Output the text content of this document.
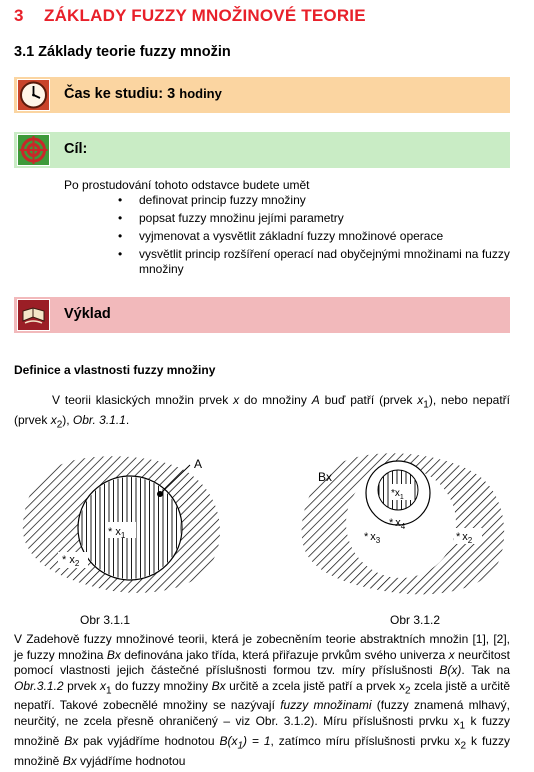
3 ZÁKLADY FUZZY MNOŽINOVÉ TEORIE
3.1 Základy teorie fuzzy množin
Čas ke studiu: 3 hodiny
Cíl:
Po prostudování tohoto odstavce budete umět
• definovat princip fuzzy množiny
• popsat fuzzy množinu jejími parametry
• vyjmenovat a vysvětlit základní fuzzy množinové operace
• vysvětlit princip rozšíření operací nad obyčejnými množinami na fuzzy množiny
Výklad
Definice a vlastnosti fuzzy množiny
V teorii klasických množin prvek x do množiny A buď patří (prvek $x_1$), nebo nepatří (prvek $x_2$), Obr. 3.1.1.
A
* $x_1$
* $x_2$
$*x_1$
Bx
* $x_4$
* $x_3$	* $x_2$
Obr 3.1.1	Obr 3.1.2
V Zadehově fuzzy množinové teorii, která je zobecněním teorie abstraktních množin [1], [2], je fuzzy množina Bx definována jako třída, která přiřazuje prvkům svého univerza x neurčitost pomocí vlastnosti jejich částečné příslušnosti formou tzv. míry příslušnosti B(x). Tak na Obr.3.1.2 prvek $x_1$ do fuzzy množiny Bx určitě a zcela jistě patří a prvek $x_2$ zcela jistě a určitě nepatří. Takové zobecnělé množiny se nazývají fuzzy množinami (fuzzy znamená mlhavý, neurčitý, ne zcela přesně ohraničený – viz Obr. 3.1.2). Míru příslušnosti prvku $x_1$ k fuzzy množině Bx pak vyjádříme hodnotou $B(x_1) = 1$, zatímco míru příslušnosti prvku $x_2$ k fuzzy množině Bx vyjádříme hodnotou
